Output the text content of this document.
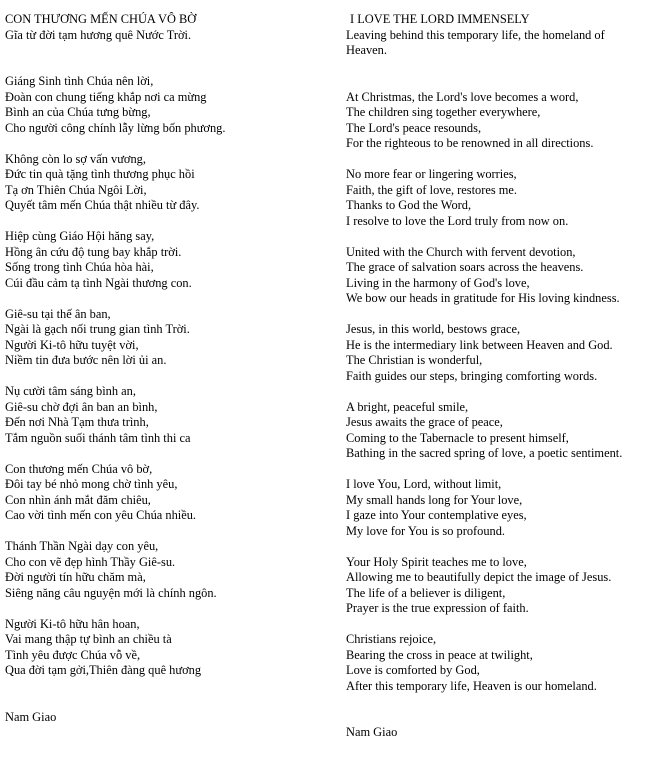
CON THƯƠNG MẾN CHÚA VÔ BỜ
Gĩa từ đời tạm hương quê Nước Trời.
Giáng Sinh tình Chúa nên lời,
Đoàn con chung tiếng khắp nơi ca mừng
Bình an của Chúa tưng bừng,
Cho người công chính lẫy lừng bốn phương.
Không còn lo sợ vấn vương,
Đức tin quà tặng tình thương phục hồi
Tạ ơn Thiên Chúa Ngôi Lời,
Quyết tâm mến Chúa thật nhiều từ đây.
Hiệp cùng Giáo Hội hăng say,
Hồng ân cứu độ tung bay khắp trời.
Sống trong tình Chúa hòa hài,
Cúi đầu cảm tạ tình Ngài thương con.
Giê-su tại thế ân ban,
Ngài là gạch nối trung gian tình Trời.
Người Ki-tô hữu tuyệt vời,
Niềm tin đưa bước nên lời ủi an.
Nụ cười tâm sáng bình an,
Giê-su chờ đợi ân ban an bình,
Đến nơi Nhà Tạm thưa trình,
Tắm nguồn suối thánh tâm tình thi ca
Con thương mến Chúa vô bờ,
Đôi tay bé nhỏ mong chờ tình yêu,
Con nhìn ánh mắt đăm chiêu,
Cao vời tình mến con yêu Chúa nhiều.
Thánh Thần Ngài dạy con yêu,
Cho con vẽ đẹp hình Thầy Giê-su.
Đời người tín hữu chăm mà,
Siêng năng câu nguyện mới là chính ngôn.
Người Ki-tô hữu hân hoan,
Vai mang thập tự bình an chiều tà
Tình yêu được Chúa vỗ về,
Qua đời tạm gởi,Thiên đàng quê hương
Nam Giao
I LOVE THE LORD IMMENSELY
Leaving behind this temporary life, the homeland of Heaven.
At Christmas, the Lord's love becomes a word,
The children sing together everywhere,
The Lord's peace resounds,
For the righteous to be renowned in all directions.
No more fear or lingering worries,
Faith, the gift of love, restores me.
Thanks to God the Word,
I resolve to love the Lord truly from now on.
United with the Church with fervent devotion,
The grace of salvation soars across the heavens.
Living in the harmony of God's love,
We bow our heads in gratitude for His loving kindness.
Jesus, in this world, bestows grace,
He is the intermediary link between Heaven and God.
The Christian is wonderful,
Faith guides our steps, bringing comforting words.
A bright, peaceful smile,
Jesus awaits the grace of peace,
Coming to the Tabernacle to present himself,
Bathing in the sacred spring of love, a poetic sentiment.
I love You, Lord, without limit,
My small hands long for Your love,
I gaze into Your contemplative eyes,
My love for You is so profound.
Your Holy Spirit teaches me to love,
Allowing me to beautifully depict the image of Jesus.
The life of a believer is diligent,
Prayer is the true expression of faith.
Christians rejoice,
Bearing the cross in peace at twilight,
Love is comforted by God,
After this temporary life, Heaven is our homeland.
Nam Giao
